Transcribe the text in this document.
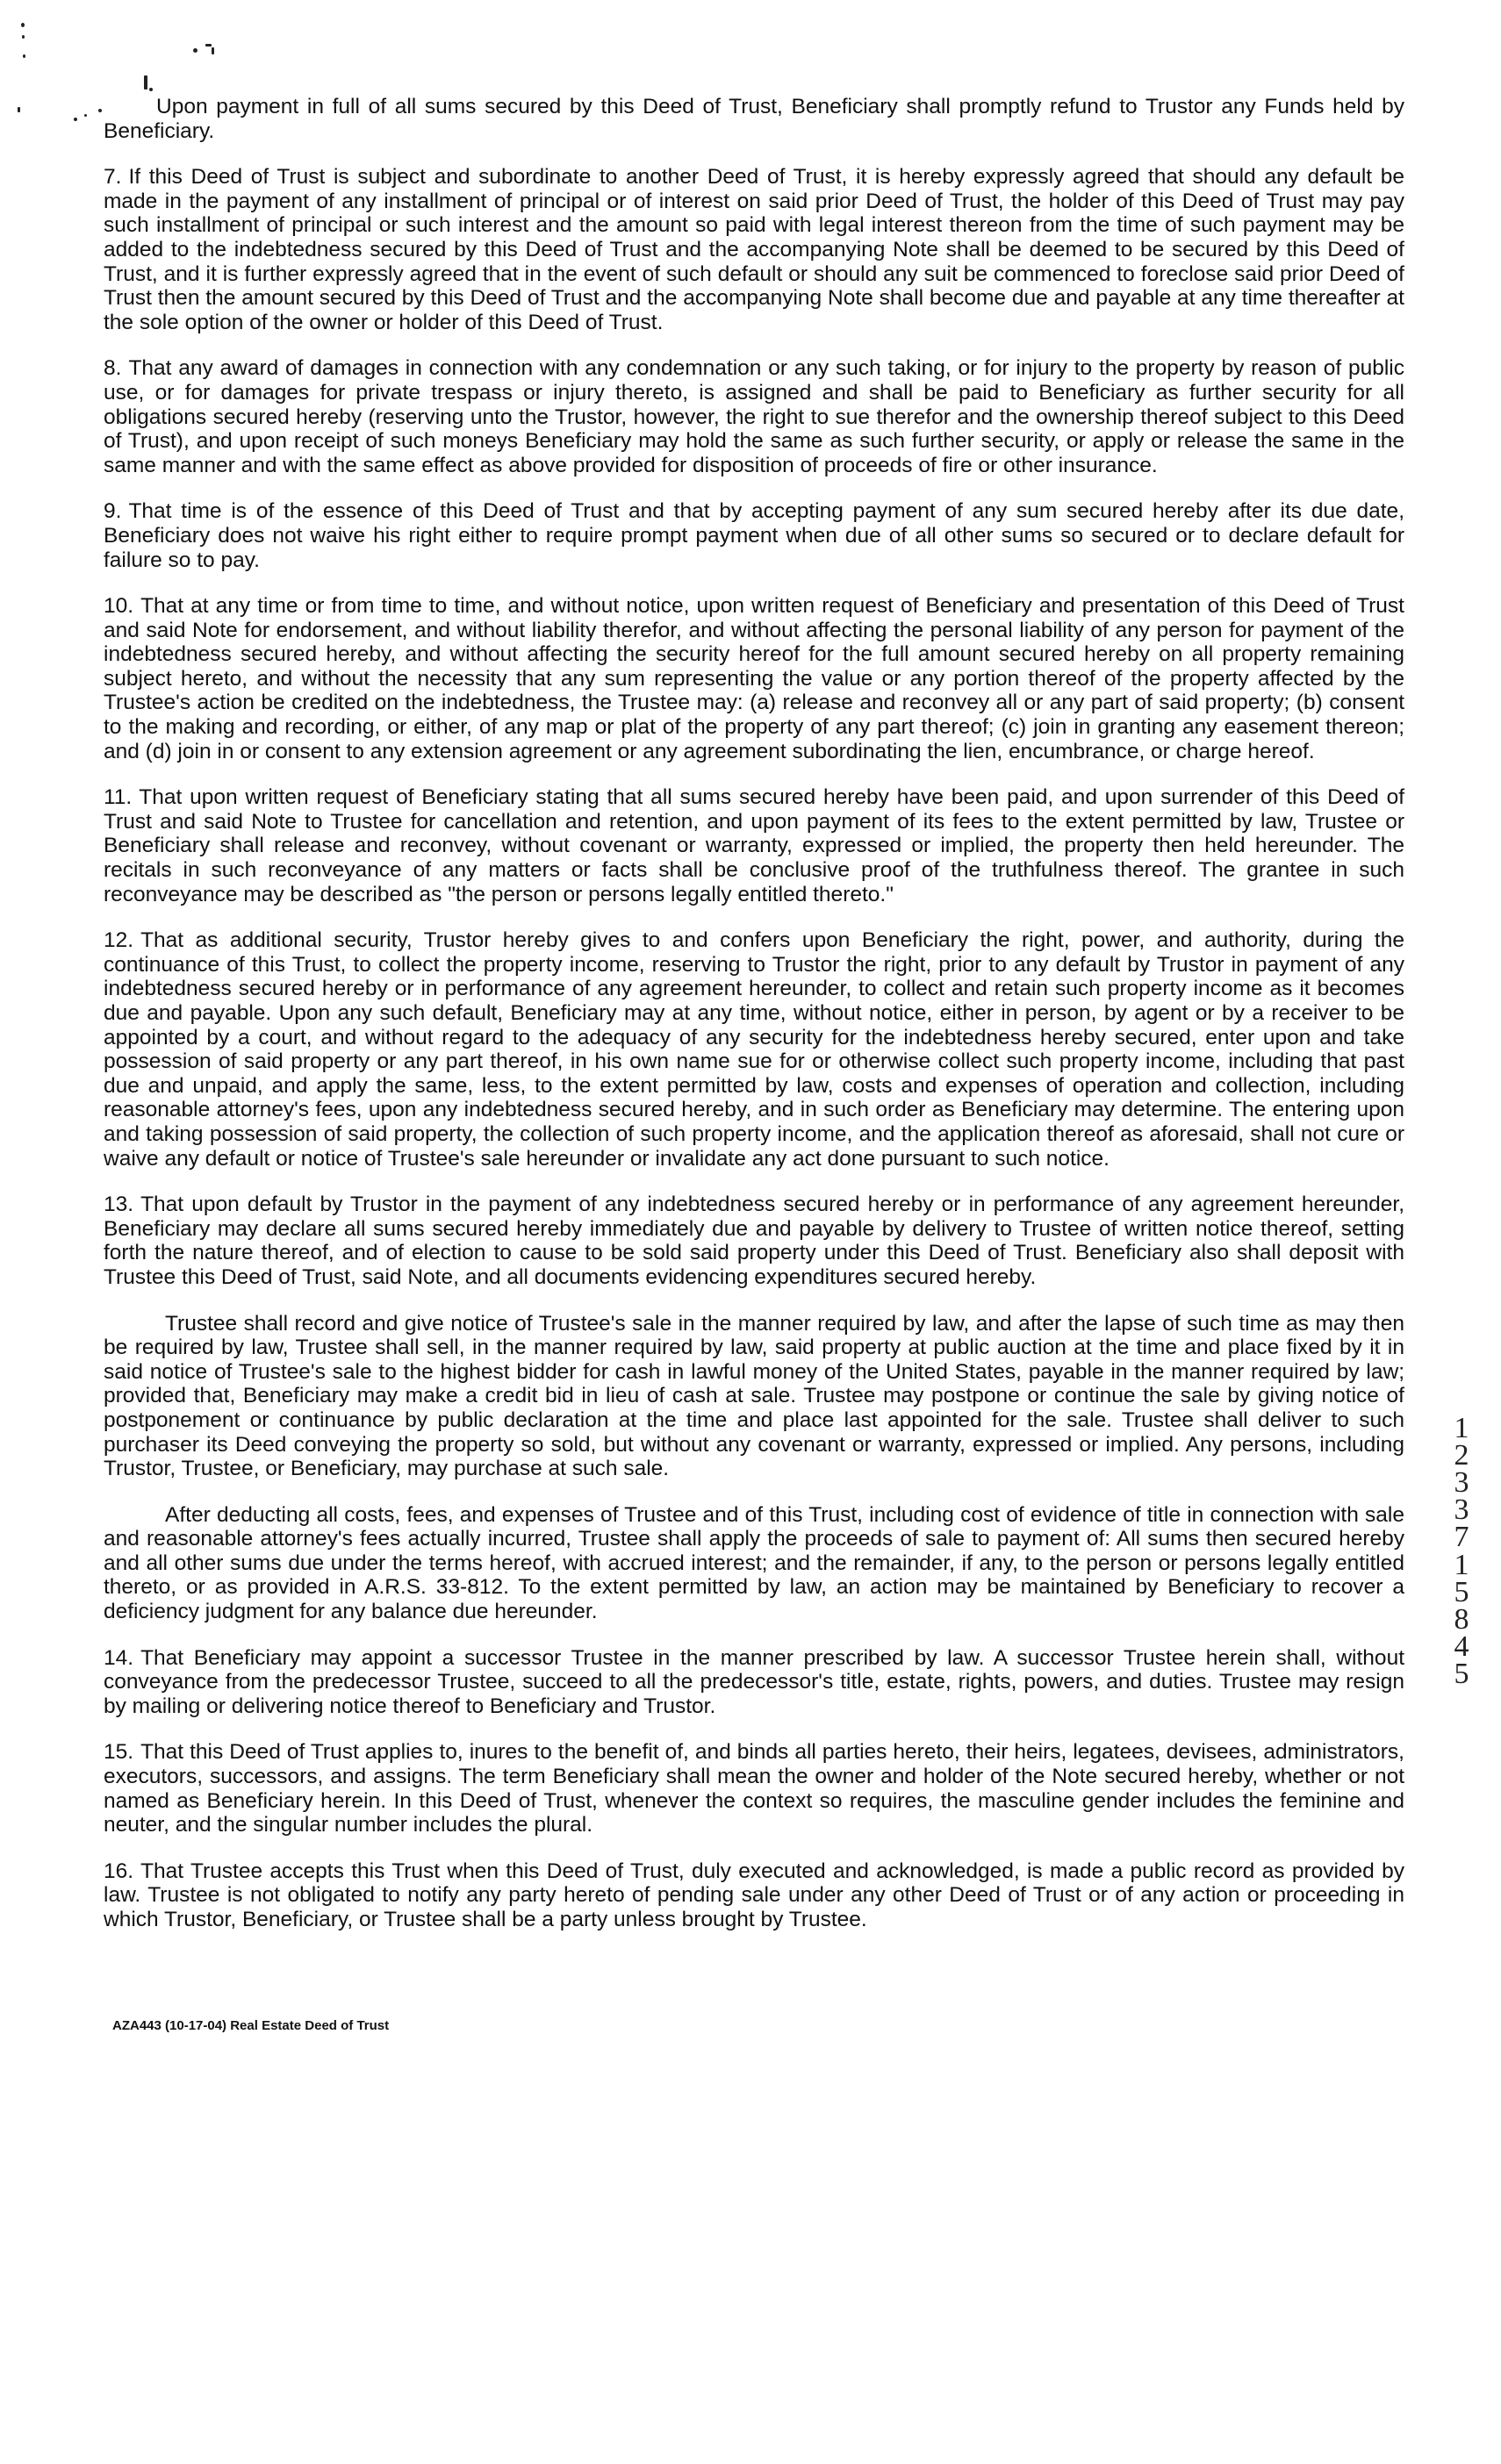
Upon payment in full of all sums secured by this Deed of Trust, Beneficiary shall promptly refund to Trustor any Funds held by Beneficiary.

7. If this Deed of Trust is subject and subordinate to another Deed of Trust, it is hereby expressly agreed that should any default be made in the payment of any installment of principal or of interest on said prior Deed of Trust, the holder of this Deed of Trust may pay such installment of principal or such interest and the amount so paid with legal interest thereon from the time of such payment may be added to the indebtedness secured by this Deed of Trust and the accompanying Note shall be deemed to be secured by this Deed of Trust, and it is further expressly agreed that in the event of such default or should any suit be commenced to foreclose said prior Deed of Trust then the amount secured by this Deed of Trust and the accompanying Note shall become due and payable at any time thereafter at the sole option of the owner or holder of this Deed of Trust.

8. That any award of damages in connection with any condemnation or any such taking, or for injury to the property by reason of public use, or for damages for private trespass or injury thereto, is assigned and shall be paid to Beneficiary as further security for all obligations secured hereby (reserving unto the Trustor, however, the right to sue therefor and the ownership thereof subject to this Deed of Trust), and upon receipt of such moneys Beneficiary may hold the same as such further security, or apply or release the same in the same manner and with the same effect as above provided for disposition of proceeds of fire or other insurance.

9. That time is of the essence of this Deed of Trust and that by accepting payment of any sum secured hereby after its due date, Beneficiary does not waive his right either to require prompt payment when due of all other sums so secured or to declare default for failure so to pay.

10. That at any time or from time to time, and without notice, upon written request of Beneficiary and presentation of this Deed of Trust and said Note for endorsement, and without liability therefor, and without affecting the personal liability of any person for payment of the indebtedness secured hereby, and without affecting the security hereof for the full amount secured hereby on all property remaining subject hereto, and without the necessity that any sum representing the value or any portion thereof of the property affected by the Trustee's action be credited on the indebtedness, the Trustee may: (a) release and reconvey all or any part of said property; (b) consent to the making and recording, or either, of any map or plat of the property of any part thereof; (c) join in granting any easement thereon; and (d) join in or consent to any extension agreement or any agreement subordinating the lien, encumbrance, or charge hereof.

11. That upon written request of Beneficiary stating that all sums secured hereby have been paid, and upon surrender of this Deed of Trust and said Note to Trustee for cancellation and retention, and upon payment of its fees to the extent permitted by law, Trustee or Beneficiary shall release and reconvey, without covenant or warranty, expressed or implied, the property then held hereunder. The recitals in such reconveyance of any matters or facts shall be conclusive proof of the truthfulness thereof. The grantee in such reconveyance may be described as "the person or persons legally entitled thereto."

12. That as additional security, Trustor hereby gives to and confers upon Beneficiary the right, power, and authority, during the continuance of this Trust, to collect the property income, reserving to Trustor the right, prior to any default by Trustor in payment of any indebtedness secured hereby or in performance of any agreement hereunder, to collect and retain such property income as it becomes due and payable. Upon any such default, Beneficiary may at any time, without notice, either in person, by agent or by a receiver to be appointed by a court, and without regard to the adequacy of any security for the indebtedness hereby secured, enter upon and take possession of said property or any part thereof, in his own name sue for or otherwise collect such property income, including that past due and unpaid, and apply the same, less, to the extent permitted by law, costs and expenses of operation and collection, including reasonable attorney's fees, upon any indebtedness secured hereby, and in such order as Beneficiary may determine. The entering upon and taking possession of said property, the collection of such property income, and the application thereof as aforesaid, shall not cure or waive any default or notice of Trustee's sale hereunder or invalidate any act done pursuant to such notice.

13. That upon default by Trustor in the payment of any indebtedness secured hereby or in performance of any agreement hereunder, Beneficiary may declare all sums secured hereby immediately due and payable by delivery to Trustee of written notice thereof, setting forth the nature thereof, and of election to cause to be sold said property under this Deed of Trust. Beneficiary also shall deposit with Trustee this Deed of Trust, said Note, and all documents evidencing expenditures secured hereby.

Trustee shall record and give notice of Trustee's sale in the manner required by law, and after the lapse of such time as may then be required by law, Trustee shall sell, in the manner required by law, said property at public auction at the time and place fixed by it in said notice of Trustee's sale to the highest bidder for cash in lawful money of the United States, payable in the manner required by law; provided that, Beneficiary may make a credit bid in lieu of cash at sale. Trustee may postpone or continue the sale by giving notice of postponement or continuance by public declaration at the time and place last appointed for the sale. Trustee shall deliver to such purchaser its Deed conveying the property so sold, but without any covenant or warranty, expressed or implied. Any persons, including Trustor, Trustee, or Beneficiary, may purchase at such sale.

After deducting all costs, fees, and expenses of Trustee and of this Trust, including cost of evidence of title in connection with sale and reasonable attorney's fees actually incurred, Trustee shall apply the proceeds of sale to payment of: All sums then secured hereby and all other sums due under the terms hereof, with accrued interest; and the remainder, if any, to the person or persons legally entitled thereto, or as provided in A.R.S. 33-812. To the extent permitted by law, an action may be maintained by Beneficiary to recover a deficiency judgment for any balance due hereunder.

14. That Beneficiary may appoint a successor Trustee in the manner prescribed by law. A successor Trustee herein shall, without conveyance from the predecessor Trustee, succeed to all the predecessor's title, estate, rights, powers, and duties. Trustee may resign by mailing or delivering notice thereof to Beneficiary and Trustor.

15. That this Deed of Trust applies to, inures to the benefit of, and binds all parties hereto, their heirs, legatees, devisees, administrators, executors, successors, and assigns. The term Beneficiary shall mean the owner and holder of the Note secured hereby, whether or not named as Beneficiary herein. In this Deed of Trust, whenever the context so requires, the masculine gender includes the feminine and neuter, and the singular number includes the plural.

16. That Trustee accepts this Trust when this Deed of Trust, duly executed and acknowledged, is made a public record as provided by law. Trustee is not obligated to notify any party hereto of pending sale under any other Deed of Trust or of any action or proceeding in which Trustor, Beneficiary, or Trustee shall be a party unless brought by Trustee.

1
2
3
3
7
1
5
8
4
5
AZA443 (10-17-04) Real Estate Deed of Trust
